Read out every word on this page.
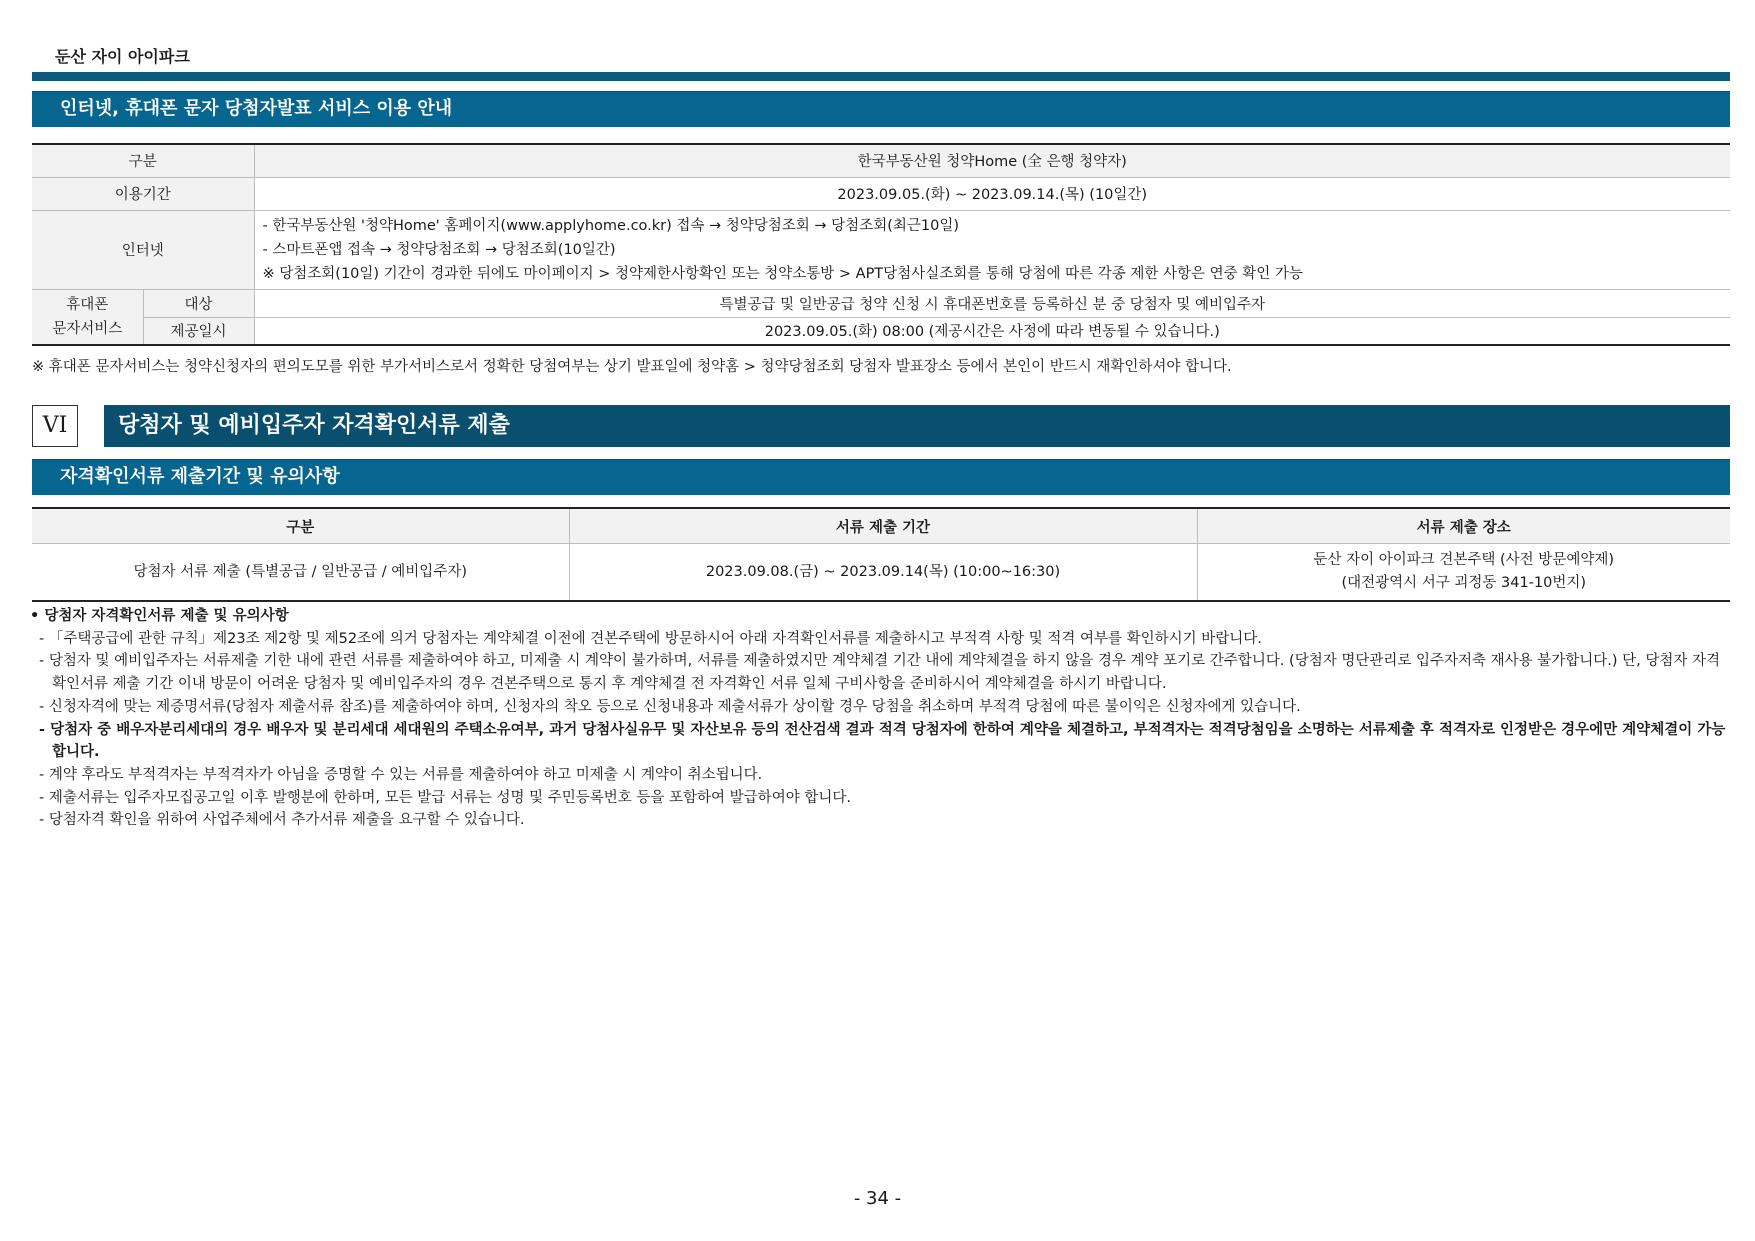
둔산 자이 아이파크
인터넷, 휴대폰 문자 당첨자발표 서비스 이용 안내
구분		한국부동산원 청약Home (全 은행 청약자)
이용기간		2023.09.05.(화) ~ 2023.09.14.(목) (10일간)
인터넷		- 한국부동산원 '청약Home' 홈페이지(www.applyhome.co.kr) 접속 → 청약당첨조회 → 당첨조회(최근10일)
- 스마트폰앱 접속 → 청약당첨조회 → 당첨조회(10일간)
※ 당첨조회(10일) 기간이 경과한 뒤에도 마이페이지 > 청약제한사항확인 또는 청약소통방 > APT당첨사실조회를 통해 당첨에 따른 각종 제한 사항은 연중 확인 가능

휴대폰
문자서비스	대상	특별공급 및 일반공급 청약 신청 시 휴대폰번호를 등록하신 분 중 당첨자 및 예비입주자
	제공일시	2023.09.05.(화) 08:00 (제공시간은 사정에 따라 변동될 수 있습니다.)
※ 휴대폰 문자서비스는 청약신청자의 편의도모를 위한 부가서비스로서 정확한 당첨여부는 상기 발표일에 청약홈 > 청약당첨조회 당첨자 발표장소 등에서 본인이 반드시 재확인하셔야 합니다.
VI	당첨자 및 예비입주자 자격확인서류 제출
자격확인서류 제출기간 및 유의사항
구분	서류 제출 기간	서류 제출 장소
당첨자 서류 제출 (특별공급 / 일반공급 / 예비입주자)	2023.09.08.(금) ~ 2023.09.14(목) (10:00~16:30)	둔산 자이 아이파크 견본주택 (사전 방문예약제)
(대전광역시 서구 괴정동 341-10번지)
• 당첨자 자격확인서류 제출 및 유의사항
- 「주택공급에 관한 규칙」제23조 제2항 및 제52조에 의거 당첨자는 계약체결 이전에 견본주택에 방문하시어 아래 자격확인서류를 제출하시고 부적격 사항 및 적격 여부를 확인하시기 바랍니다.
- 당첨자 및 예비입주자는 서류제출 기한 내에 관련 서류를 제출하여야 하고, 미제출 시 계약이 불가하며, 서류를 제출하였지만 계약체결 기간 내에 계약체결을 하지 않을 경우 계약 포기로 간주합니다. (당첨자 명단관리로 입주자저축 재사용 불가합니다.) 단, 당첨자 자격확인서류 제출 기간 이내 방문이 어려운 당첨자 및 예비입주자의 경우 견본주택으로 통지 후 계약체결 전 자격확인 서류 일체 구비사항을 준비하시어 계약체결을 하시기 바랍니다.
- 신청자격에 맞는 제증명서류(당첨자 제출서류 참조)를 제출하여야 하며, 신청자의 착오 등으로 신청내용과 제출서류가 상이할 경우 당첨을 취소하며 부적격 당첨에 따른 불이익은 신청자에게 있습니다.
- 당첨자 중 배우자분리세대의 경우 배우자 및 분리세대 세대원의 주택소유여부, 과거 당첨사실유무 및 자산보유 등의 전산검색 결과 적격 당첨자에 한하여 계약을 체결하고, 부적격자는 적격당첨임을 소명하는 서류제출 후 적격자로 인정받은 경우에만 계약체결이 가능합니다.
- 계약 후라도 부적격자는 부적격자가 아님을 증명할 수 있는 서류를 제출하여야 하고 미제출 시 계약이 취소됩니다.
- 제출서류는 입주자모집공고일 이후 발행분에 한하며, 모든 발급 서류는 성명 및 주민등록번호 등을 포함하여 발급하여야 합니다.
- 당첨자격 확인을 위하여 사업주체에서 추가서류 제출을 요구할 수 있습니다.
- 34 -
